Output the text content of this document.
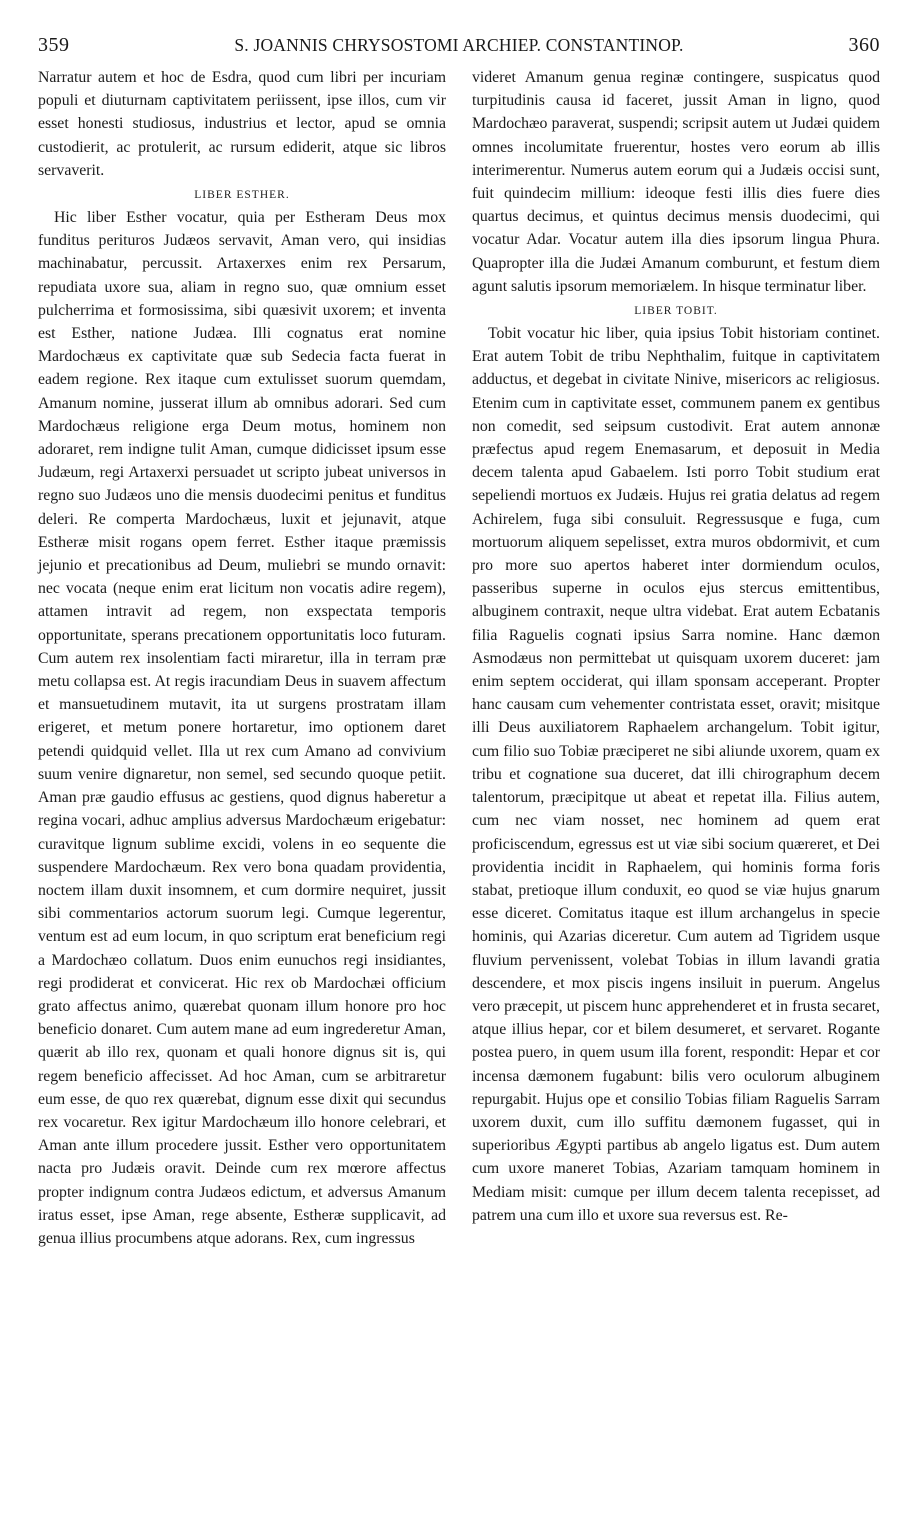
359	S. JOANNIS CHRYSOSTOMI ARCHIEP. CONSTANTINOP.	360

Narratur autem et hoc de Esdra, quod cum libri per incuriam populi et diuturnam captivitatem periissent, ipse illos, cum vir esset honesti studiosus, industrius et lector, apud se omnia custodierit, ac protulerit, ac rursum ediderit, atque sic libros servaverit.

LIBER ESTHER.

Hic liber Esther vocatur, quia per Estheram Deus mox funditus perituros Judæos servavit, Aman vero, qui insidias machinabatur, percussit. Artaxerxes enim rex Persarum, repudiata uxore sua, aliam in regno suo, quæ omnium esset pulcherrima et formosissima, sibi quæsivit uxorem; et inventa est Esther, natione Judæa. Illi cognatus erat nomine Mardochæus ex captivitate quæ sub Sedecia facta fuerat in eadem regione. Rex itaque cum extulisset suorum quemdam, Amanum nomine, jusserat illum ab omnibus adorari. Sed cum Mardochæus religione erga Deum motus, hominem non adoraret, rem indigne tulit Aman, cumque didicisset ipsum esse Judæum, regi Artaxerxi persuadet ut scripto jubeat universos in regno suo Judæos uno die mensis duodecimi penitus et funditus deleri. Re comperta Mardochæus, luxit et jejunavit, atque Estheræ misit rogans opem ferret. Esther itaque præmissis jejunio et precationibus ad Deum, muliebri se mundo ornavit: nec vocata (neque enim erat licitum non vocatis adire regem), attamen intravit ad regem, non exspectata temporis opportunitate, sperans precationem opportunitatis loco futuram. Cum autem rex insolentiam facti miraretur, illa in terram præ metu collapsa est. At regis iracundiam Deus in suavem affectum et mansuetudinem mutavit, ita ut surgens prostratam illam erigeret, et metum ponere hortaretur, imo optionem daret petendi quidquid vellet. Illa ut rex cum Amano ad convivium suum venire dignaretur, non semel, sed secundo quoque petiit. Aman præ gaudio effusus ac gestiens, quod dignus haberetur a regina vocari, adhuc amplius adversus Mardochæum erigebatur: curavitque lignum sublime excidi, volens in eo sequente die suspendere Mardochæum. Rex vero bona quadam providentia, noctem illam duxit insomnem, et cum dormire nequiret, jussit sibi commentarios actorum suorum legi. Cumque legerentur, ventum est ad eum locum, in quo scriptum erat beneficium regi a Mardochæo collatum. Duos enim eunuchos regi insidiantes, regi prodiderat et convicerat. Hic rex ob Mardochæi officium grato affectus animo, quærebat quonam illum honore pro hoc beneficio donaret. Cum autem mane ad eum ingrederetur Aman, quærit ab illo rex, quonam et quali honore dignus sit is, qui regem beneficio affecisset. Ad hoc Aman, cum se arbitraretur eum esse, de quo rex quærebat, dignum esse dixit qui secundus rex vocaretur. Rex igitur Mardochæum illo honore celebrari, et Aman ante illum procedere jussit. Esther vero opportunitatem nacta pro Judæis oravit. Deinde cum rex mœrore affectus propter indignum contra Judæos edictum, et adversus Amanum iratus esset, ipse Aman, rege absente, Estheræ supplicavit, ad genua illius procumbens atque adorans. Rex, cum ingressus

videret Amanum genua reginæ contingere, suspicatus quod turpitudinis causa id faceret, jussit Aman in ligno, quod Mardochæo paraverat, suspendi; scripsit autem ut Judæi quidem omnes incolumitate fruerentur, hostes vero eorum ab illis interimerentur. Numerus autem eorum qui a Judæis occisi sunt, fuit quindecim millium: ideoque festi illis dies fuere dies quartus decimus, et quintus decimus mensis duodecimi, qui vocatur Adar. Vocatur autem illa dies ipsorum lingua Phura. Quapropter illa die Judæi Amanum comburunt, et festum diem agunt salutis ipsorum memoriælem. In hisque terminatur liber.

LIBER TOBIT.

Tobit vocatur hic liber, quia ipsius Tobit historiam continet. Erat autem Tobit de tribu Nephthalim, fuitque in captivitatem adductus, et degebat in civitate Ninive, misericors ac religiosus. Etenim cum in captivitate esset, communem panem ex gentibus non comedit, sed seipsum custodivit. Erat autem annonæ præfectus apud regem Enemasarum, et deposuit in Media decem talenta apud Gabaelem. Isti porro Tobit studium erat sepeliendi mortuos ex Judæis. Hujus rei gratia delatus ad regem Achirelem, fuga sibi consuluit. Regressusque e fuga, cum mortuorum aliquem sepelisset, extra muros obdormivit, et cum pro more suo apertos haberet inter dormiendum oculos, passeribus superne in oculos ejus stercus emittentibus, albuginem contraxit, neque ultra videbat. Erat autem Ecbatanis filia Raguelis cognati ipsius Sarra nomine. Hanc dæmon Asmodæus non permittebat ut quisquam uxorem duceret: jam enim septem occiderat, qui illam sponsam acceperant. Propter hanc causam cum vehementer contristata esset, oravit; misitque illi Deus auxiliatorem Raphaelem archangelum. Tobit igitur, cum filio suo Tobiæ præciperet ne sibi aliunde uxorem, quam ex tribu et cognatione sua duceret, dat illi chirographum decem talentorum, præcipitque ut abeat et repetat illa. Filius autem, cum nec viam nosset, nec hominem ad quem erat proficiscendum, egressus est ut viæ sibi socium quæreret, et Dei providentia incidit in Raphaelem, qui hominis forma foris stabat, pretioque illum conduxit, eo quod se viæ hujus gnarum esse diceret. Comitatus itaque est illum archangelus in specie hominis, qui Azarias diceretur. Cum autem ad Tigridem usque fluvium pervenissent, volebat Tobias in illum lavandi gratia descendere, et mox piscis ingens insiluit in puerum. Angelus vero præcepit, ut piscem hunc apprehenderet et in frusta secaret, atque illius hepar, cor et bilem desumeret, et servaret. Rogante postea puero, in quem usum illa forent, respondit: Hepar et cor incensa dæmonem fugabunt: bilis vero oculorum albuginem repurgabit. Hujus ope et consilio Tobias filiam Raguelis Sarram uxorem duxit, cum illo suffitu dæmonem fugasset, qui in superioribus Ægypti partibus ab angelo ligatus est. Dum autem cum uxore maneret Tobias, Azariam tamquam hominem in Mediam misit: cumque per illum decem talenta recepisset, ad patrem una cum illo et uxore sua reversus est. Re-
